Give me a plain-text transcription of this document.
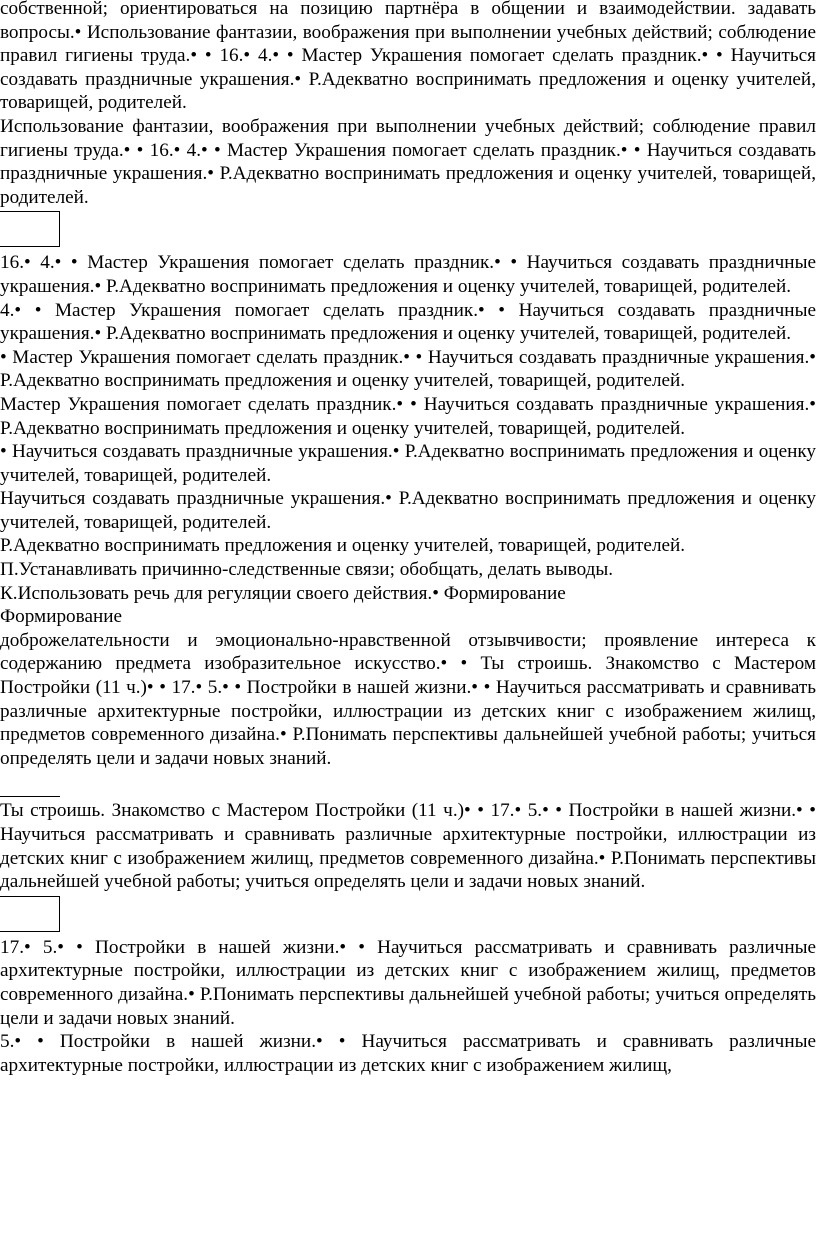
собственной; ориентироваться на позицию партнёра в общении и взаимодействии. задавать вопросы.• Использование фантазии, воображения при выполнении учебных действий; соблюдение правил гигиены труда.• • 16.• 4.• • Мастер Украшения помогает сделать праздник.• • Научиться создавать праздничные украшения.• Р.Адекватно воспринимать предложения и оценку учителей, товарищей, родителей.

Использование фантазии, воображения при выполнении учебных действий; соблюдение правил гигиены труда.• • 16.• 4.• • Мастер Украшения помогает сделать праздник.• • Научиться создавать праздничные украшения.• Р.Адекватно воспринимать предложения и оценку учителей, товарищей, родителей.

16.• 4.• • Мастер Украшения помогает сделать праздник.• • Научиться создавать праздничные украшения.• Р.Адекватно воспринимать предложения и оценку учителей, товарищей, родителей.

4.• • Мастер Украшения помогает сделать праздник.• • Научиться создавать праздничные украшения.• Р.Адекватно воспринимать предложения и оценку учителей, товарищей, родителей.

• Мастер Украшения помогает сделать праздник.• • Научиться создавать праздничные украшения.• Р.Адекватно воспринимать предложения и оценку учителей, товарищей, родителей.

Мастер Украшения помогает сделать праздник.• • Научиться создавать праздничные украшения.• Р.Адекватно воспринимать предложения и оценку учителей, товарищей, родителей.

• Научиться создавать праздничные украшения.• Р.Адекватно воспринимать предложения и оценку учителей, товарищей, родителей.

Научиться создавать праздничные украшения.• Р.Адекватно воспринимать предложения и оценку учителей, товарищей, родителей.

Р.Адекватно воспринимать предложения и оценку учителей, товарищей, родителей.

П.Устанавливать причинно-следственные связи; обобщать, делать выводы.

К.Использовать речь для регуляции своего действия.• Формирование

Формирование

доброжелательности и эмоционально-нравственной отзывчивости; проявление интереса к содержанию предмета изобразительное искусство.• • Ты строишь. Знакомство с Мастером Постройки (11 ч.)• • 17.• 5.• • Постройки в нашей жизни.• • Научиться рассматривать и сравнивать различные архитектурные постройки, иллюстрации из детских книг с изображением жилищ, предметов современного дизайна.• Р.Понимать перспективы дальнейшей учебной работы; учиться определять цели и задачи новых знаний.

Ты строишь. Знакомство с Мастером Постройки (11 ч.)• • 17.• 5.• • Постройки в нашей жизни.• • Научиться рассматривать и сравнивать различные архитектурные постройки, иллюстрации из детских книг с изображением жилищ, предметов современного дизайна.• Р.Понимать перспективы дальнейшей учебной работы; учиться определять цели и задачи новых знаний.

17.• 5.• • Постройки в нашей жизни.• • Научиться рассматривать и сравнивать различные архитектурные постройки, иллюстрации из детских книг с изображением жилищ, предметов современного дизайна.• Р.Понимать перспективы дальнейшей учебной работы; учиться определять цели и задачи новых знаний.

5.• • Постройки в нашей жизни.• • Научиться рассматривать и сравнивать различные архитектурные постройки, иллюстрации из детских книг с изображением жилищ,
